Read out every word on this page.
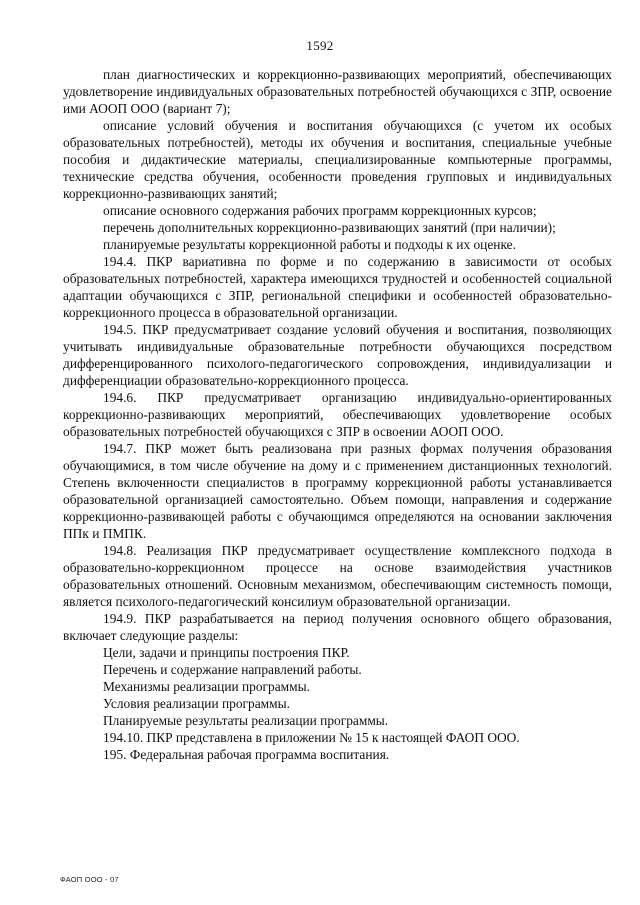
1592

план диагностических и коррекционно-развивающих мероприятий, обеспечивающих удовлетворение индивидуальных образовательных потребностей обучающихся с ЗПР, освоение ими АООП ООО (вариант 7);

описание условий обучения и воспитания обучающихся (с учетом их особых образовательных потребностей), методы их обучения и воспитания, специальные учебные пособия и дидактические материалы, специализированные компьютерные программы, технические средства обучения, особенности проведения групповых и индивидуальных коррекционно-развивающих занятий;

описание основного содержания рабочих программ коррекционных курсов;

перечень дополнительных коррекционно-развивающих занятий (при наличии);

планируемые результаты коррекционной работы и подходы к их оценке.

194.4. ПКР вариативна по форме и по содержанию в зависимости от особых образовательных потребностей, характера имеющихся трудностей и особенностей социальной адаптации обучающихся с ЗПР, региональной специфики и особенностей образовательно-коррекционного процесса в образовательной организации.

194.5. ПКР предусматривает создание условий обучения и воспитания, позволяющих учитывать индивидуальные образовательные потребности обучающихся посредством дифференцированного психолого-педагогического сопровождения, индивидуализации и дифференциации образовательно-коррекционного процесса.

194.6. ПКР предусматривает организацию индивидуально-ориентированных коррекционно-развивающих мероприятий, обеспечивающих удовлетворение особых образовательных потребностей обучающихся с ЗПР в освоении АООП ООО.

194.7. ПКР может быть реализована при разных формах получения образования обучающимися, в том числе обучение на дому и с применением дистанционных технологий. Степень включенности специалистов в программу коррекционной работы устанавливается образовательной организацией самостоятельно. Объем помощи, направления и содержание коррекционно-развивающей работы с обучающимся определяются на основании заключения ППк и ПМПК.

194.8. Реализация ПКР предусматривает осуществление комплексного подхода в образовательно-коррекционном процессе на основе взаимодействия участников образовательных отношений. Основным механизмом, обеспечивающим системность помощи, является психолого-педагогический консилиум образовательной организации.

194.9. ПКР разрабатывается на период получения основного общего образования, включает следующие разделы:

Цели, задачи и принципы построения ПКР.

Перечень и содержание направлений работы.

Механизмы реализации программы.

Условия реализации программы.

Планируемые результаты реализации программы.

194.10. ПКР представлена в приложении № 15 к настоящей ФАОП ООО.

195. Федеральная рабочая программа воспитания.

ФАОП ООО - 07
